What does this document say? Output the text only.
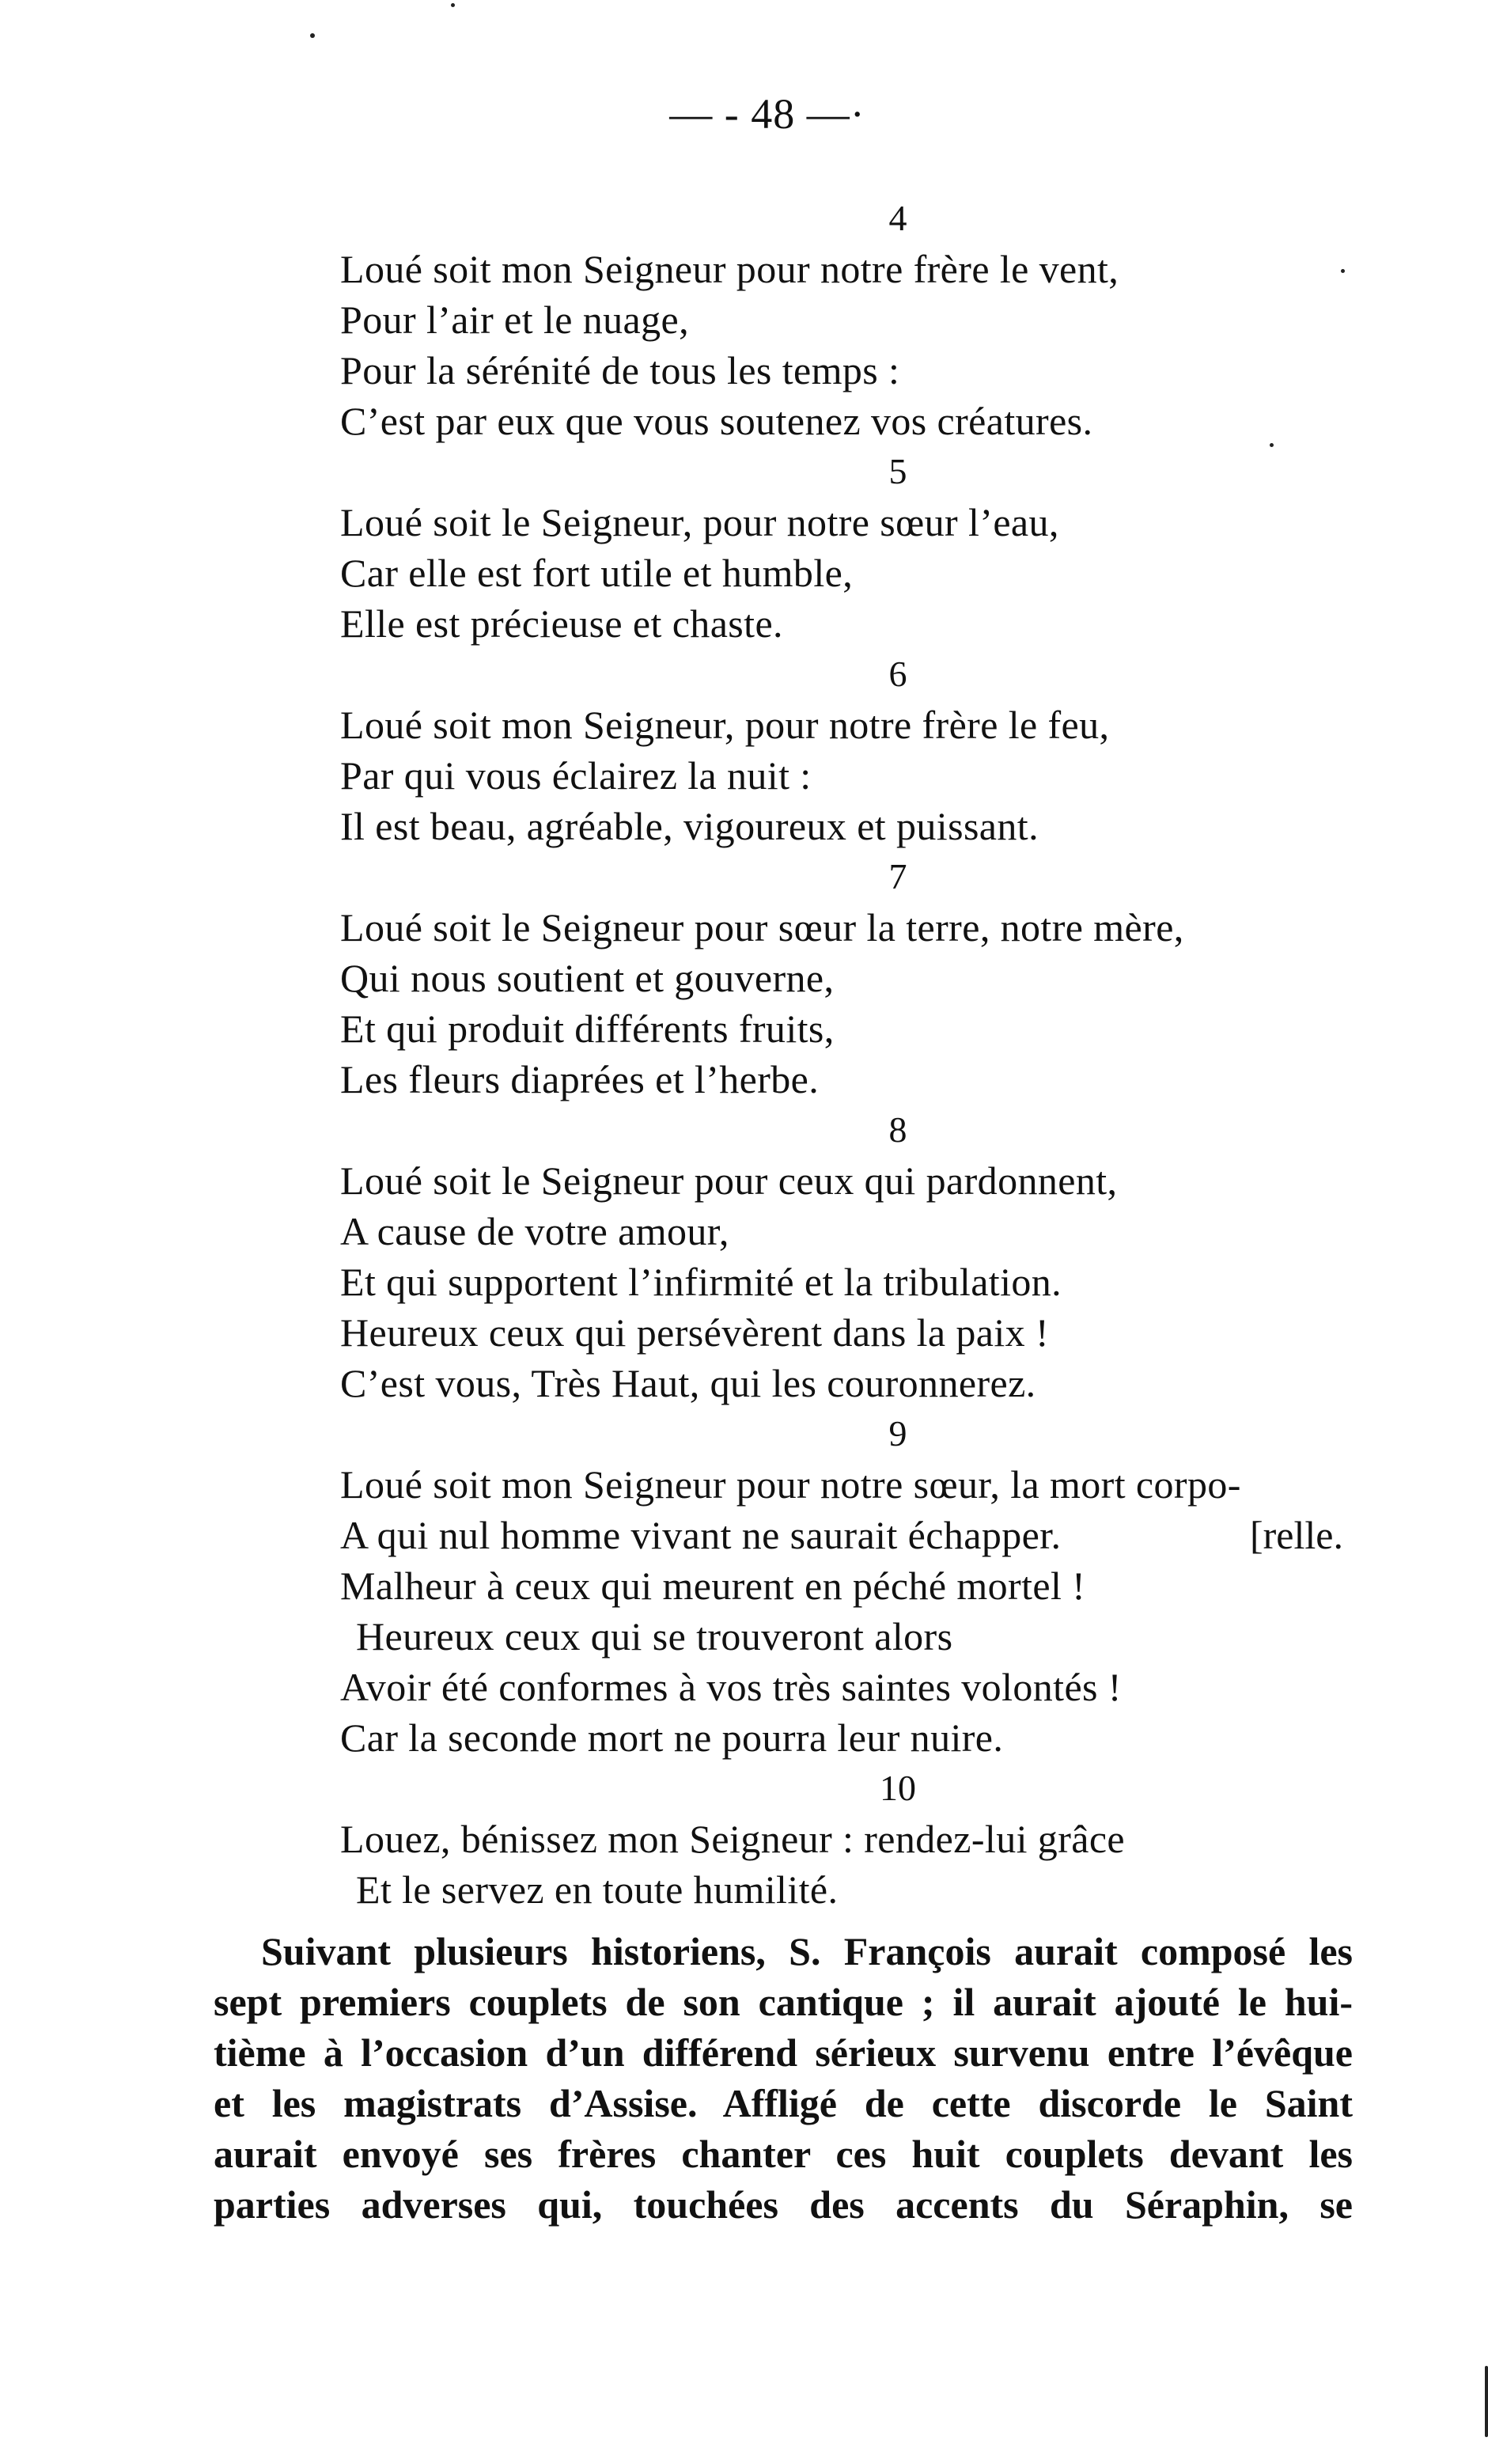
— - 48 —·
4
Loué soit mon Seigneur pour notre frère le vent,
Pour l’air et le nuage,
Pour la sérénité de tous les temps :
C’est par eux que vous soutenez vos créatures.
5
Loué soit le Seigneur, pour notre sœur l’eau,
Car elle est fort utile et humble,
Elle est précieuse et chaste.
6
Loué soit mon Seigneur, pour notre frère le feu,
Par qui vous éclairez la nuit :
Il est beau, agréable, vigoureux et puissant.
7
Loué soit le Seigneur pour sœur la terre, notre mère,
Qui nous soutient et gouverne,
Et qui produit différents fruits,
Les fleurs diaprées et l’herbe.
8
Loué soit le Seigneur pour ceux qui pardonnent,
A cause de votre amour,
Et qui supportent l’infirmité et la tribulation.
Heureux ceux qui persévèrent dans la paix !
C’est vous, Très Haut, qui les couronnerez.
9
Loué soit mon Seigneur pour notre sœur, la mort corpo-
A qui nul homme vivant ne saurait échapper.	[relle.
Malheur à ceux qui meurent en péché mortel !
Heureux ceux qui se trouveront alors
Avoir été conformes à vos très saintes volontés !
Car la seconde mort ne pourra leur nuire.
10
Louez, bénissez mon Seigneur : rendez-lui grâce
Et le servez en toute humilité.
Suivant plusieurs historiens, S. François aurait composé les
sept premiers couplets de son cantique ; il aurait ajouté le hui-
tième à l’occasion d’un différend sérieux survenu entre l’évêque
et les magistrats d’Assise. Affligé de cette discorde le Saint
aurait envoyé ses frères chanter ces huit couplets devant les
parties adverses qui, touchées des accents du Séraphin, se
